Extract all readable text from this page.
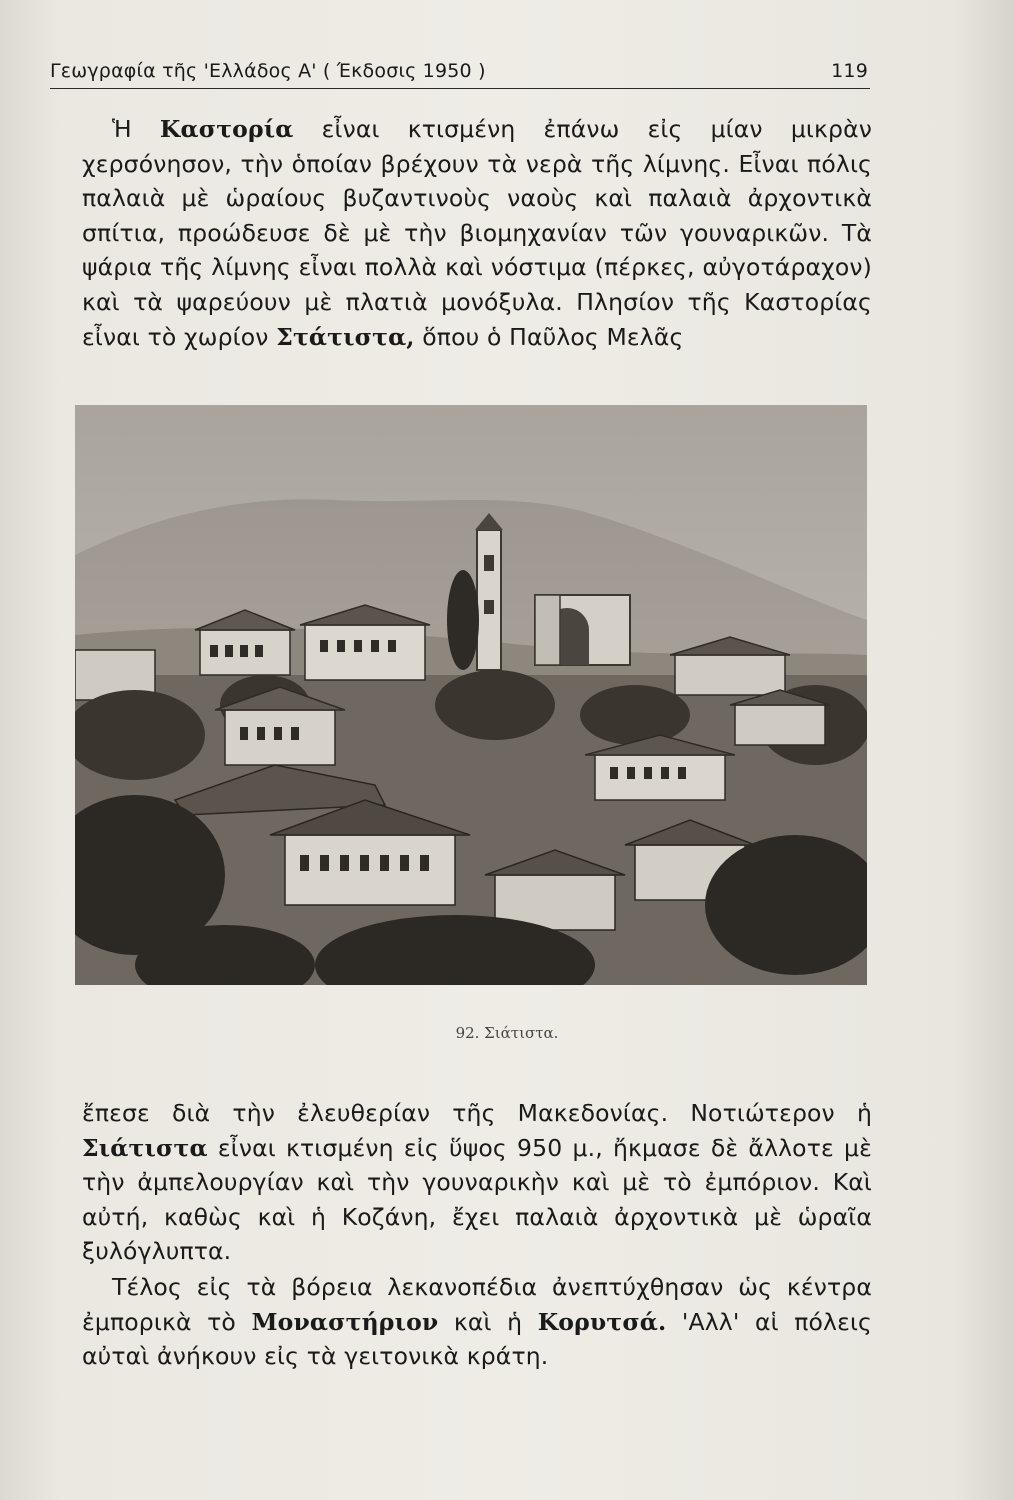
Γεωγραφία τῆς 'Ελλάδος Α' ( Έκδοσις 1950 )	119

Ἡ Καστορία εἶναι κτισμένη ἐπάνω εἰς μίαν μικρὰν χερσόνησον, τὴν ὁποίαν βρέχουν τὰ νερὰ τῆς λίμνης. Εἶναι πόλις παλαιὰ μὲ ὡραίους βυζαντινοὺς ναοὺς καὶ παλαιὰ ἀρχοντικὰ σπίτια, προώδευσε δὲ μὲ τὴν βιομηχανίαν τῶν γουναρικῶν. Τὰ ψάρια τῆς λίμνης εἶναι πολλὰ καὶ νόστιμα (πέρκες, αὐγοτάραχον) καὶ τὰ ψαρεύουν μὲ πλατιὰ μονόξυλα. Πλησίον τῆς Καστορίας εἶναι τὸ χωρίον Στάτιστα, ὅπου ὁ Παῦλος Μελᾶς

92. Σιάτιστα.

ἔπεσε διὰ τὴν ἐλευθερίαν τῆς Μακεδονίας. Νοτιώτερον ἡ Σιάτιστα εἶναι κτισμένη εἰς ὕψος 950 μ., ἤκμασε δὲ ἄλλοτε μὲ τὴν ἀμπελουργίαν καὶ τὴν γουναρικὴν καὶ μὲ τὸ ἐμπόριον. Καὶ αὐτή, καθὼς καὶ ἡ Κοζάνη, ἔχει παλαιὰ ἀρχοντικὰ μὲ ὡραῖα ξυλόγλυπτα.

Τέλος εἰς τὰ βόρεια λεκανοπέδια ἀνεπτύχθησαν ὡς κέντρα ἐμπορικὰ τὸ Μοναστήριον καὶ ἡ Κορυτσά. 'Αλλ' αἱ πόλεις αὐταὶ ἀνήκουν εἰς τὰ γειτονικὰ κράτη.
